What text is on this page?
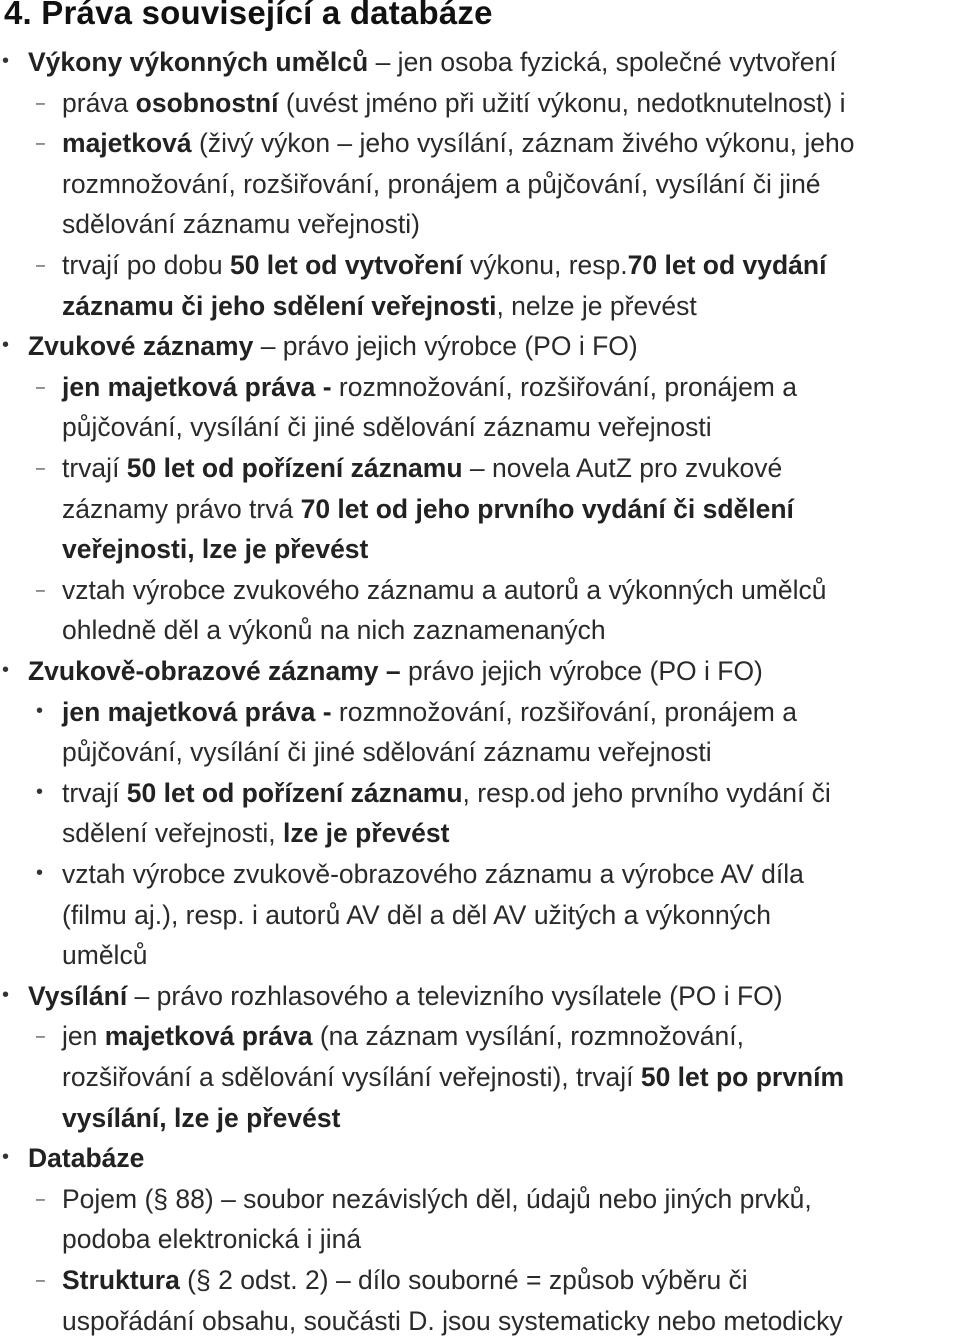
4. Práva související a databáze
• Výkony výkonných umělců – jen osoba fyzická, společné vytvoření
– práva osobnostní (uvést jméno při užití výkonu, nedotknutelnost) i
– majetková (živý výkon – jeho vysílání, záznam živého výkonu, jeho
rozmnožování, rozšiřování, pronájem a půjčování, vysílání či jiné
sdělování záznamu veřejnosti)
– trvají po dobu 50 let od vytvoření výkonu, resp.70 let od vydání
záznamu či jeho sdělení veřejnosti, nelze je převést
• Zvukové záznamy – právo jejich výrobce (PO i FO)
– jen majetková práva - rozmnožování, rozšiřování, pronájem a
půjčování, vysílání či jiné sdělování záznamu veřejnosti
– trvají 50 let od pořízení záznamu – novela AutZ pro zvukové
záznamy právo trvá 70 let od jeho prvního vydání či sdělení
veřejnosti, lze je převést
– vztah výrobce zvukového záznamu a autorů a výkonných umělců
ohledně děl a výkonů na nich zaznamenaných
• Zvukově-obrazové záznamy – právo jejich výrobce (PO i FO)
• jen majetková práva - rozmnožování, rozšiřování, pronájem a
půjčování, vysílání či jiné sdělování záznamu veřejnosti
• trvají 50 let od pořízení záznamu, resp.od jeho prvního vydání či
sdělení veřejnosti, lze je převést
• vztah výrobce zvukově-obrazového záznamu a výrobce AV díla
(filmu aj.), resp. i autorů AV děl a děl AV užitých a výkonných
umělců
• Vysílání – právo rozhlasového a televizního vysílatele (PO i FO)
– jen majetková práva (na záznam vysílání, rozmnožování,
rozšiřování a sdělování vysílání veřejnosti), trvají 50 let po prvním
vysílání, lze je převést
• Databáze
– Pojem (§ 88) – soubor nezávislých děl, údajů nebo jiných prvků,
podoba elektronická i jiná
– Struktura (§ 2 odst. 2) – dílo souborné = způsob výběru či
uspořádání obsahu, součásti D. jsou systematicky nebo metodicky
